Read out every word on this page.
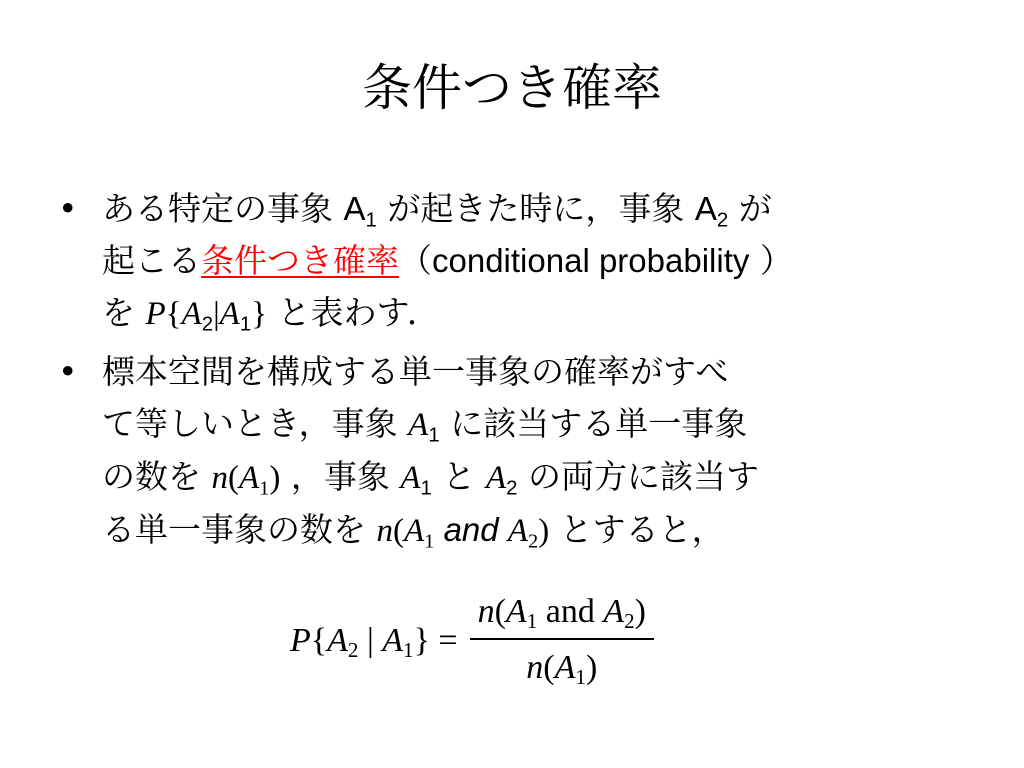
条件つき確率
• ある特定の事象 $A_1$ が起きた時に，事象 $A_2$ が
起こる条件つき確率（conditional probability ）
を $P\{A_2|A_1\}$ と表わす．
• 標本空間を構成する単一事象の確率がすべ
て等しいとき，事象 $A_1$ に該当する単一事象
の数を $n(A_1)$ ，事象 $A_1$ と $A_2$ の両方に該当す
る単一事象の数を $n(A_1$ and $A_2$) とすると，
$P\{A_2$ | $A_1\} = \frac{n(A_1 and A_2)}{n(A_1)}$
